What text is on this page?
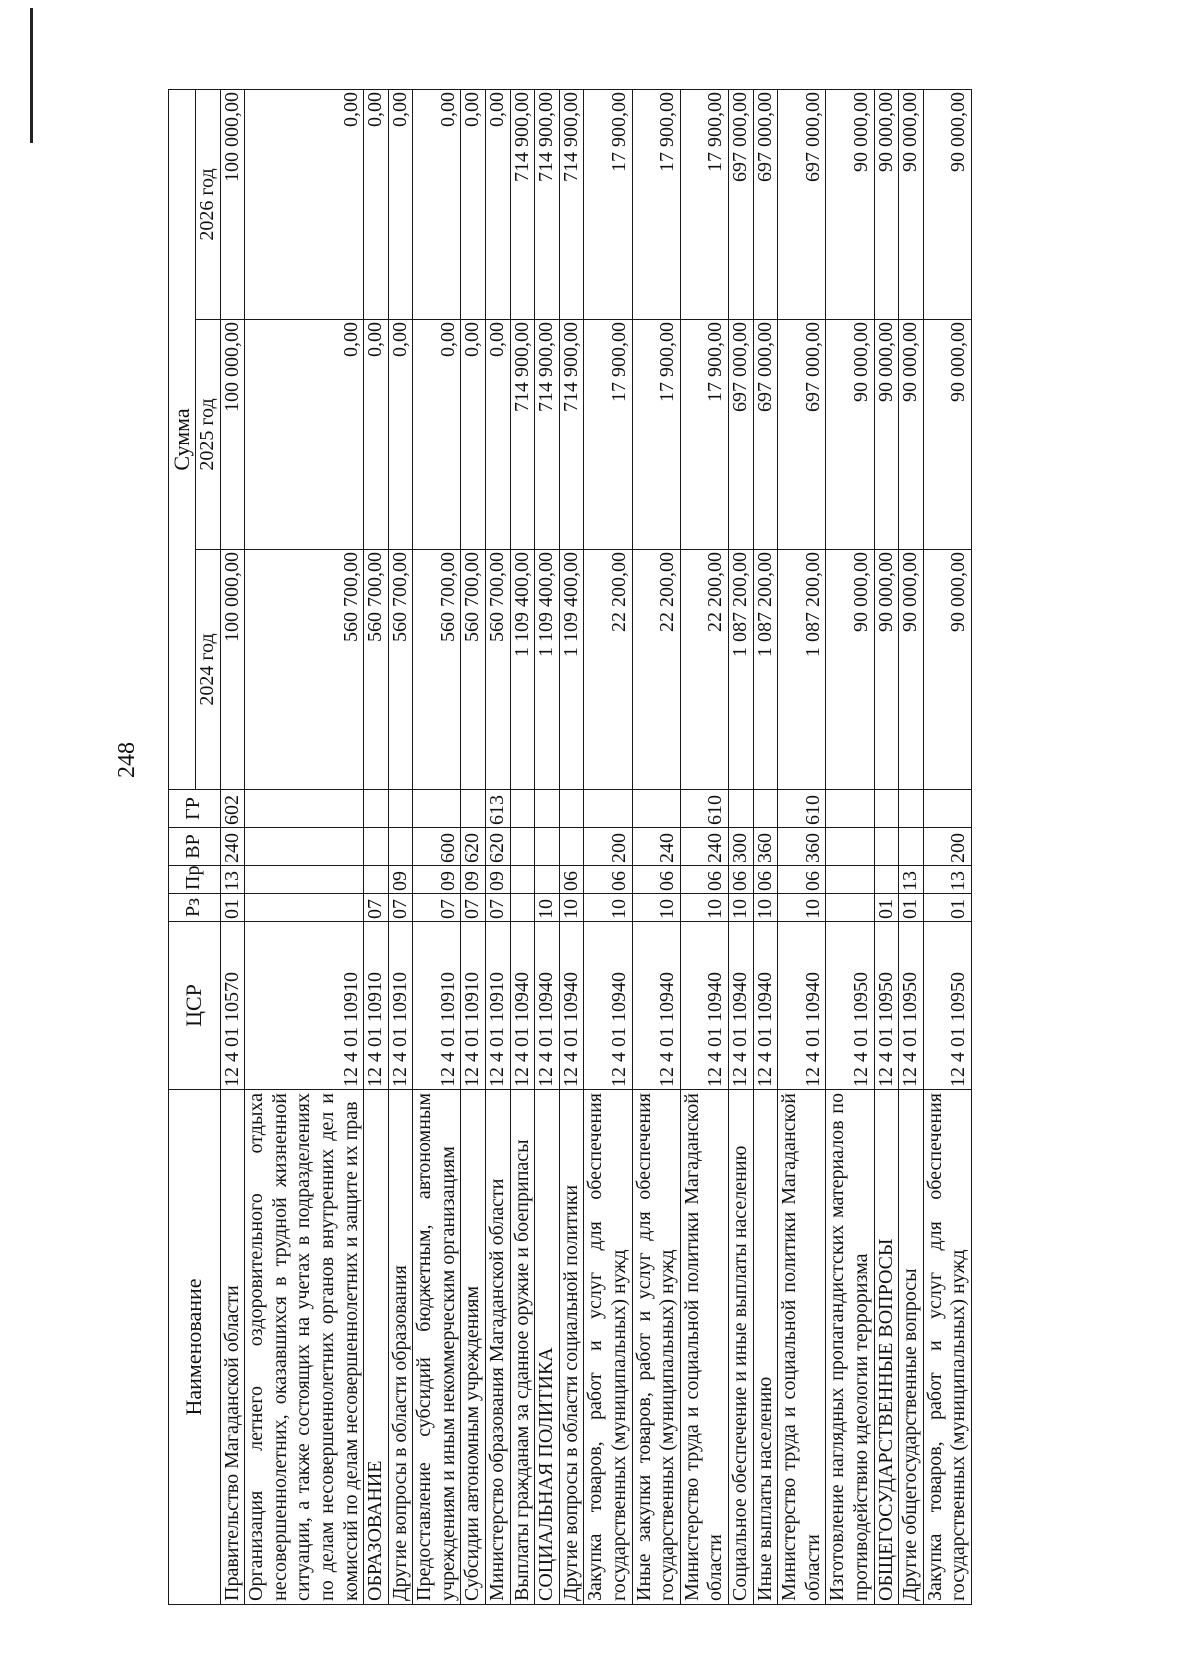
248
Наименование	ЦСР	Рз	Пр	ВР	ГР	Сумма		
						2024 год	2025 год	2026 год
Правительство Магаданской области	12 4 01 10570	01	13	240	602	100 000,00	100 000,00	100 000,00
Организация летнего оздоровительного отдыха несовершеннолетних, оказавшихся в трудной жизненной ситуации, а также состоящих на учетах в подразделениях по делам несовершеннолетних органов внутренних дел и комиссий по делам несовершеннолетних и защите их прав	12 4 01 10910					560 700,00	0,00	0,00
ОБРАЗОВАНИЕ	12 4 01 10910	07				560 700,00	0,00	0,00
Другие вопросы в области образования	12 4 01 10910	07	09			560 700,00	0,00	0,00
Предоставление субсидий бюджетным, автономным учреждениям и иным некоммерческим организациям	12 4 01 10910	07	09	600		560 700,00	0,00	0,00
Субсидии автономным учреждениям	12 4 01 10910	07	09	620		560 700,00	0,00	0,00
Министерство образования Магаданской области	12 4 01 10910	07	09	620	613	560 700,00	0,00	0,00
Выплаты гражданам за сданное оружие и боеприпасы	12 4 01 10940					1 109 400,00	714 900,00	714 900,00
СОЦИАЛЬНАЯ ПОЛИТИКА	12 4 01 10940	10				1 109 400,00	714 900,00	714 900,00
Другие вопросы в области социальной политики	12 4 01 10940	10	06			1 109 400,00	714 900,00	714 900,00
Закупка товаров, работ и услуг для обеспечения государственных (муниципальных) нужд	12 4 01 10940	10	06	200		22 200,00	17 900,00	17 900,00
Иные закупки товаров, работ и услуг для обеспечения государственных (муниципальных) нужд	12 4 01 10940	10	06	240		22 200,00	17 900,00	17 900,00
Министерство труда и социальной политики Магаданской области	12 4 01 10940	10	06	240	610	22 200,00	17 900,00	17 900,00
Социальное обеспечение и иные выплаты населению	12 4 01 10940	10	06	300		1 087 200,00	697 000,00	697 000,00
Иные выплаты населению	12 4 01 10940	10	06	360		1 087 200,00	697 000,00	697 000,00
Министерство труда и социальной политики Магаданской области	12 4 01 10940	10	06	360	610	1 087 200,00	697 000,00	697 000,00
Изготовление наглядных пропагандистских материалов по противодействию идеологии терроризма	12 4 01 10950					90 000,00	90 000,00	90 000,00
ОБЩЕГОСУДАРСТВЕННЫЕ ВОПРОСЫ	12 4 01 10950	01				90 000,00	90 000,00	90 000,00
Другие общегосударственные вопросы	12 4 01 10950	01	13			90 000,00	90 000,00	90 000,00
Закупка товаров, работ и услуг для обеспечения государственных (муниципальных) нужд	12 4 01 10950	01	13	200		90 000,00	90 000,00	90 000,00
